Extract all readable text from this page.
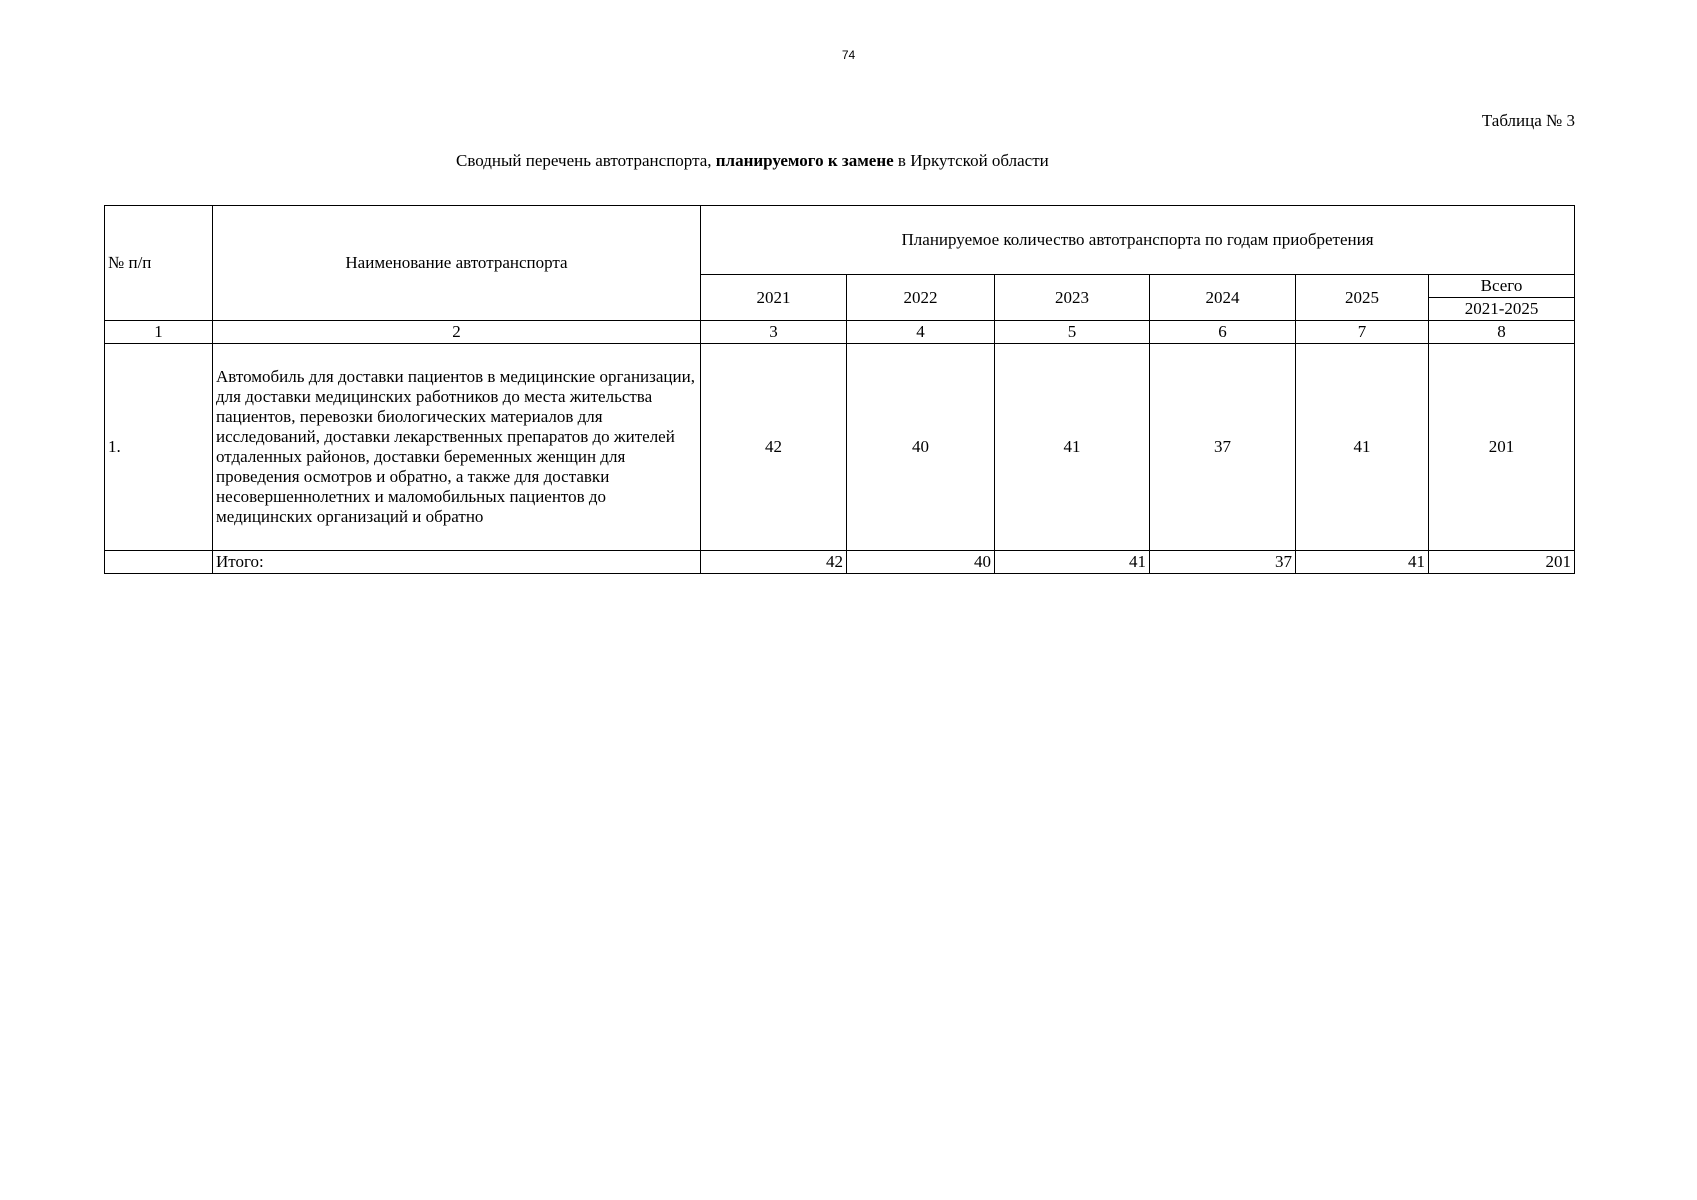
74
Таблица № 3
Сводный перечень автотранспорта, планируемого к замене в Иркутской области
№ п/п	Наименование автотранспорта	Планируемое количество автотранспорта по годам приобретения					
		2021	2022	2023	2024	2025	Всего
							2021-2025
1	2	3	4	5	6	7	8
1.	Автомобиль для доставки пациентов в медицинские организации, для доставки медицинских работников до места жительства пациентов, перевозки биологических материалов для исследований, доставки лекарственных препаратов до жителей отдаленных районов, доставки беременных женщин для проведения осмотров и обратно, а также для доставки несовершеннолетних и маломобильных пациентов до медицинских организаций и обратно	42	40	41	37	41	201
	Итого:	42	40	41	37	41	201
